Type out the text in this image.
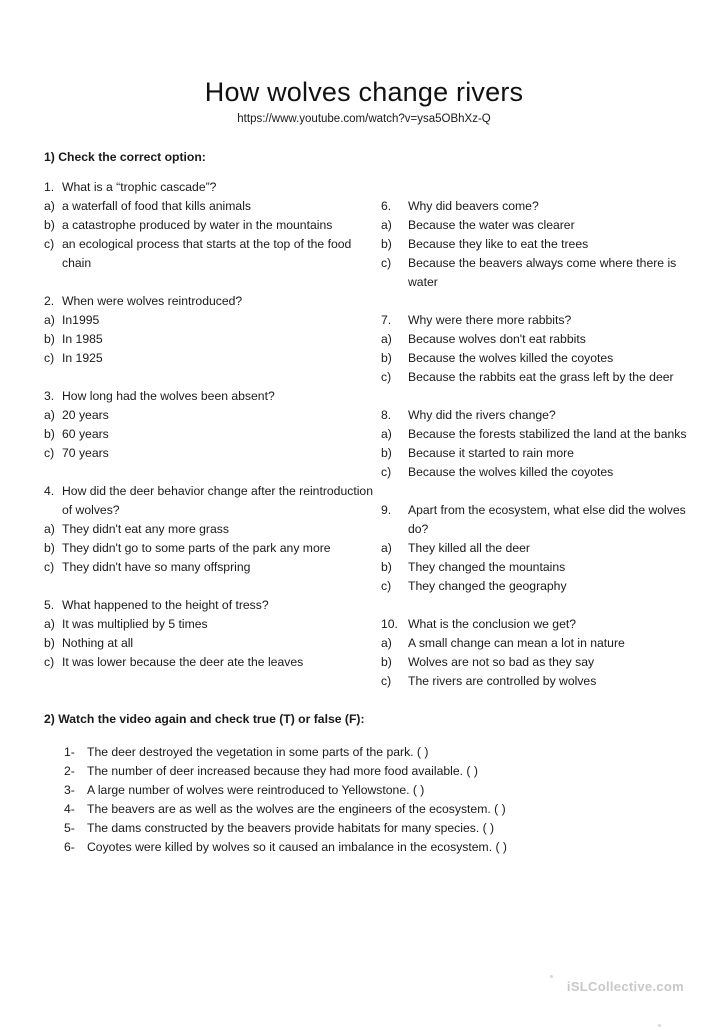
How wolves change rivers
https://www.youtube.com/watch?v=ysa5OBhXz-Q
1) Check the correct option:
1. What is a “trophic cascade”?
a) a waterfall of food that kills animals
b) a catastrophe produced by water in the mountains
c) an ecological process that starts at the top of the food chain
2. When were wolves reintroduced?
a) In1995
b) In 1985
c) In 1925
3. How long had the wolves been absent?
a) 20 years
b) 60 years
c) 70 years
4. How did the deer behavior change after the reintroduction of wolves?
a) They didn't eat any more grass
b) They didn't go to some parts of the park any more
c) They didn't have so many offspring
5. What happened to the height of tress?
a) It was multiplied by 5 times
b) Nothing at all
c) It was lower because the deer ate the leaves
6.	Why did beavers come?
a)	Because the water was clearer
b)	Because they like to eat the trees
c)	Because the beavers always come where there is water
7.	Why were there more rabbits?
a)	Because wolves don't eat rabbits
b)	Because the wolves killed the coyotes
c)	Because the rabbits eat the grass left by the deer
8.	Why did the rivers change?
a)	Because the forests stabilized the land at the banks
b)	Because it started to rain more
c)	Because the wolves killed the coyotes
9.	Apart from the ecosystem, what else did the wolves do?
a)	They killed all the deer
b)	They changed the mountains
c)	They changed the geography
10. What is the conclusion we get?
a)	A small change can mean a lot in nature
b)	Wolves are not so bad as they say
c)	The rivers are controlled by wolves
2) Watch the video again and check true (T) or false (F):
1- The deer destroyed the vegetation in some parts of the park. ( )
2- The number of deer increased because they had more food available. ( )
3- A large number of wolves were reintroduced to Yellowstone. ( )
4- The beavers are as well as the wolves are the engineers of the ecosystem. ( )
5- The dams constructed by the beavers provide habitats for many species. ( )
6- Coyotes were killed by wolves so it caused an imbalance in the ecosystem. ( )
iSLCollective.com
